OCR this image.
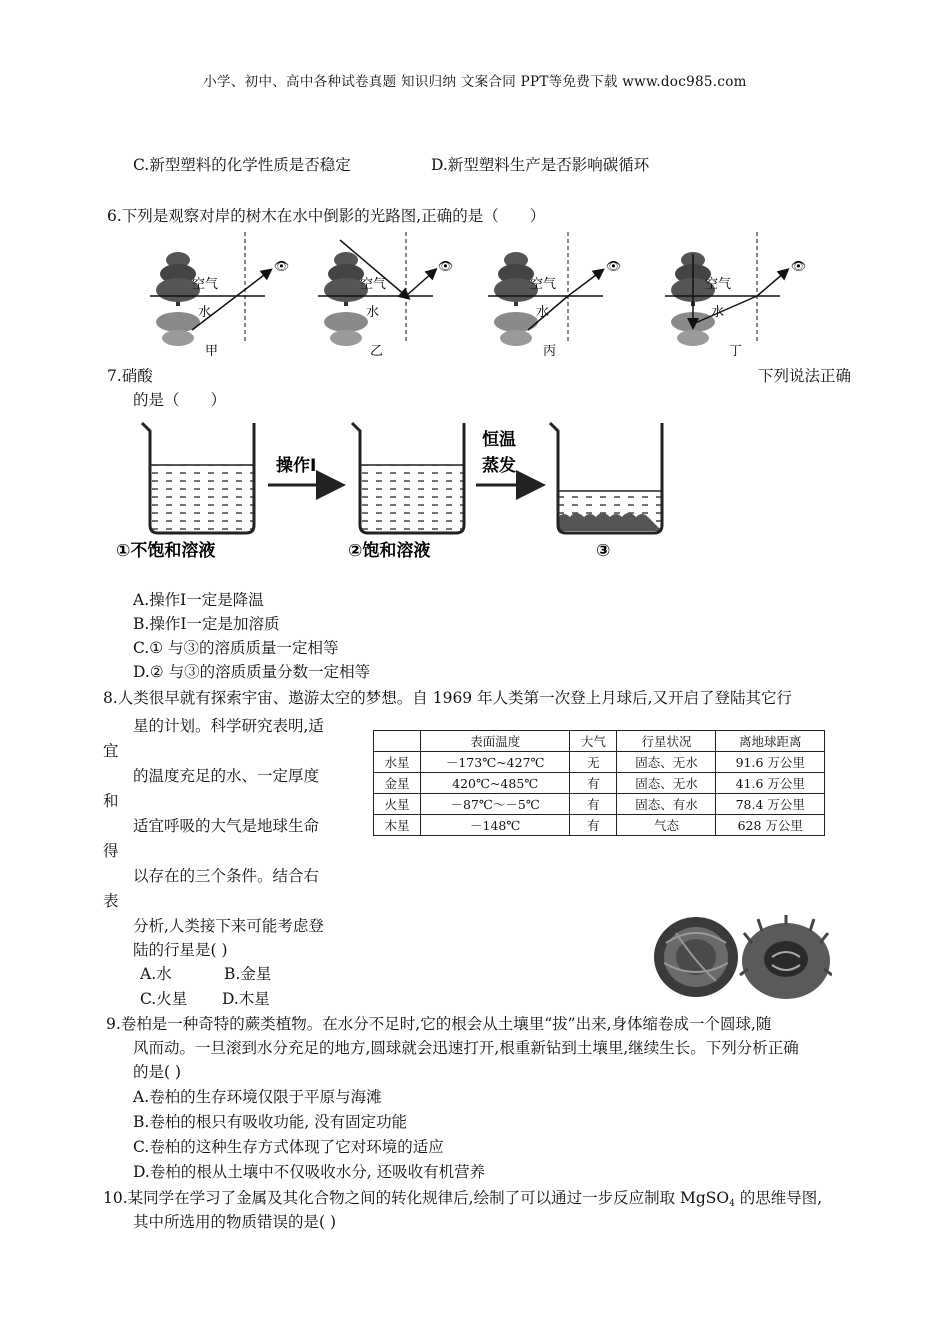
小学、初中、高中各种试卷真题 知识归纳 文案合同 PPT等免费下载 www.doc985.com
C.新型塑料的化学性质是否稳定	D.新型塑料生产是否影响碳循环
6.下列是观察对岸的树木在水中倒影的光路图,正确的是（　　）
👁
空气
水
甲
👁
空气
水
乙
👁
空气
水
丙
👁
空气
水
丁
7.硝酸	下列说法正确
的是（　　）
①不饱和溶液
操作Ⅰ
②饱和溶液
恒温
蒸发
③
A.操作Ⅰ一定是降温
B.操作Ⅰ一定是加溶质
C.① 与③的溶质质量一定相等
D.② 与③的溶质质量分数一定相等
8.人类很早就有探索宇宙、遨游太空的梦想。自 1969 年人类第一次登上月球后,又开启了登陆其它行
星的计划。科学研究表明,适
宜
的温度充足的水、一定厚度
和
适宜呼吸的大气是地球生命
得
以存在的三个条件。结合右
表
分析,人类接下来可能考虑登
陆的行星是( )
A.水	B.金星
C.火星 D.木星
	表面温度	大气	行星状况	离地球距离
水星	－173℃~427℃	无	固态、无水	91.6 万公里
金星	420℃~485℃	有	固态、无水	41.6 万公里
火星	－87℃～－5℃	有	固态、有水	78.4 万公里
木星	－148℃	有	气态	628 万公里
9.卷柏是一种奇特的蕨类植物。在水分不足时,它的根会从土壤里“拔”出来,身体缩卷成一个圆球,随
风而动。一旦滚到水分充足的地方,圆球就会迅速打开,根重新钻到土壤里,继续生长。下列分析正确
的是( )
A.卷柏的生存环境仅限于平原与海滩
B.卷柏的根只有吸收功能, 没有固定功能
C.卷柏的这种生存方式体现了它对环境的适应
D.卷柏的根从土壤中不仅吸收水分, 还吸收有机营养
10.某同学在学习了金属及其化合物之间的转化规律后,绘制了可以通过一步反应制取 MgSO$_4$ 的思维导图,
其中所选用的物质错误的是( )
